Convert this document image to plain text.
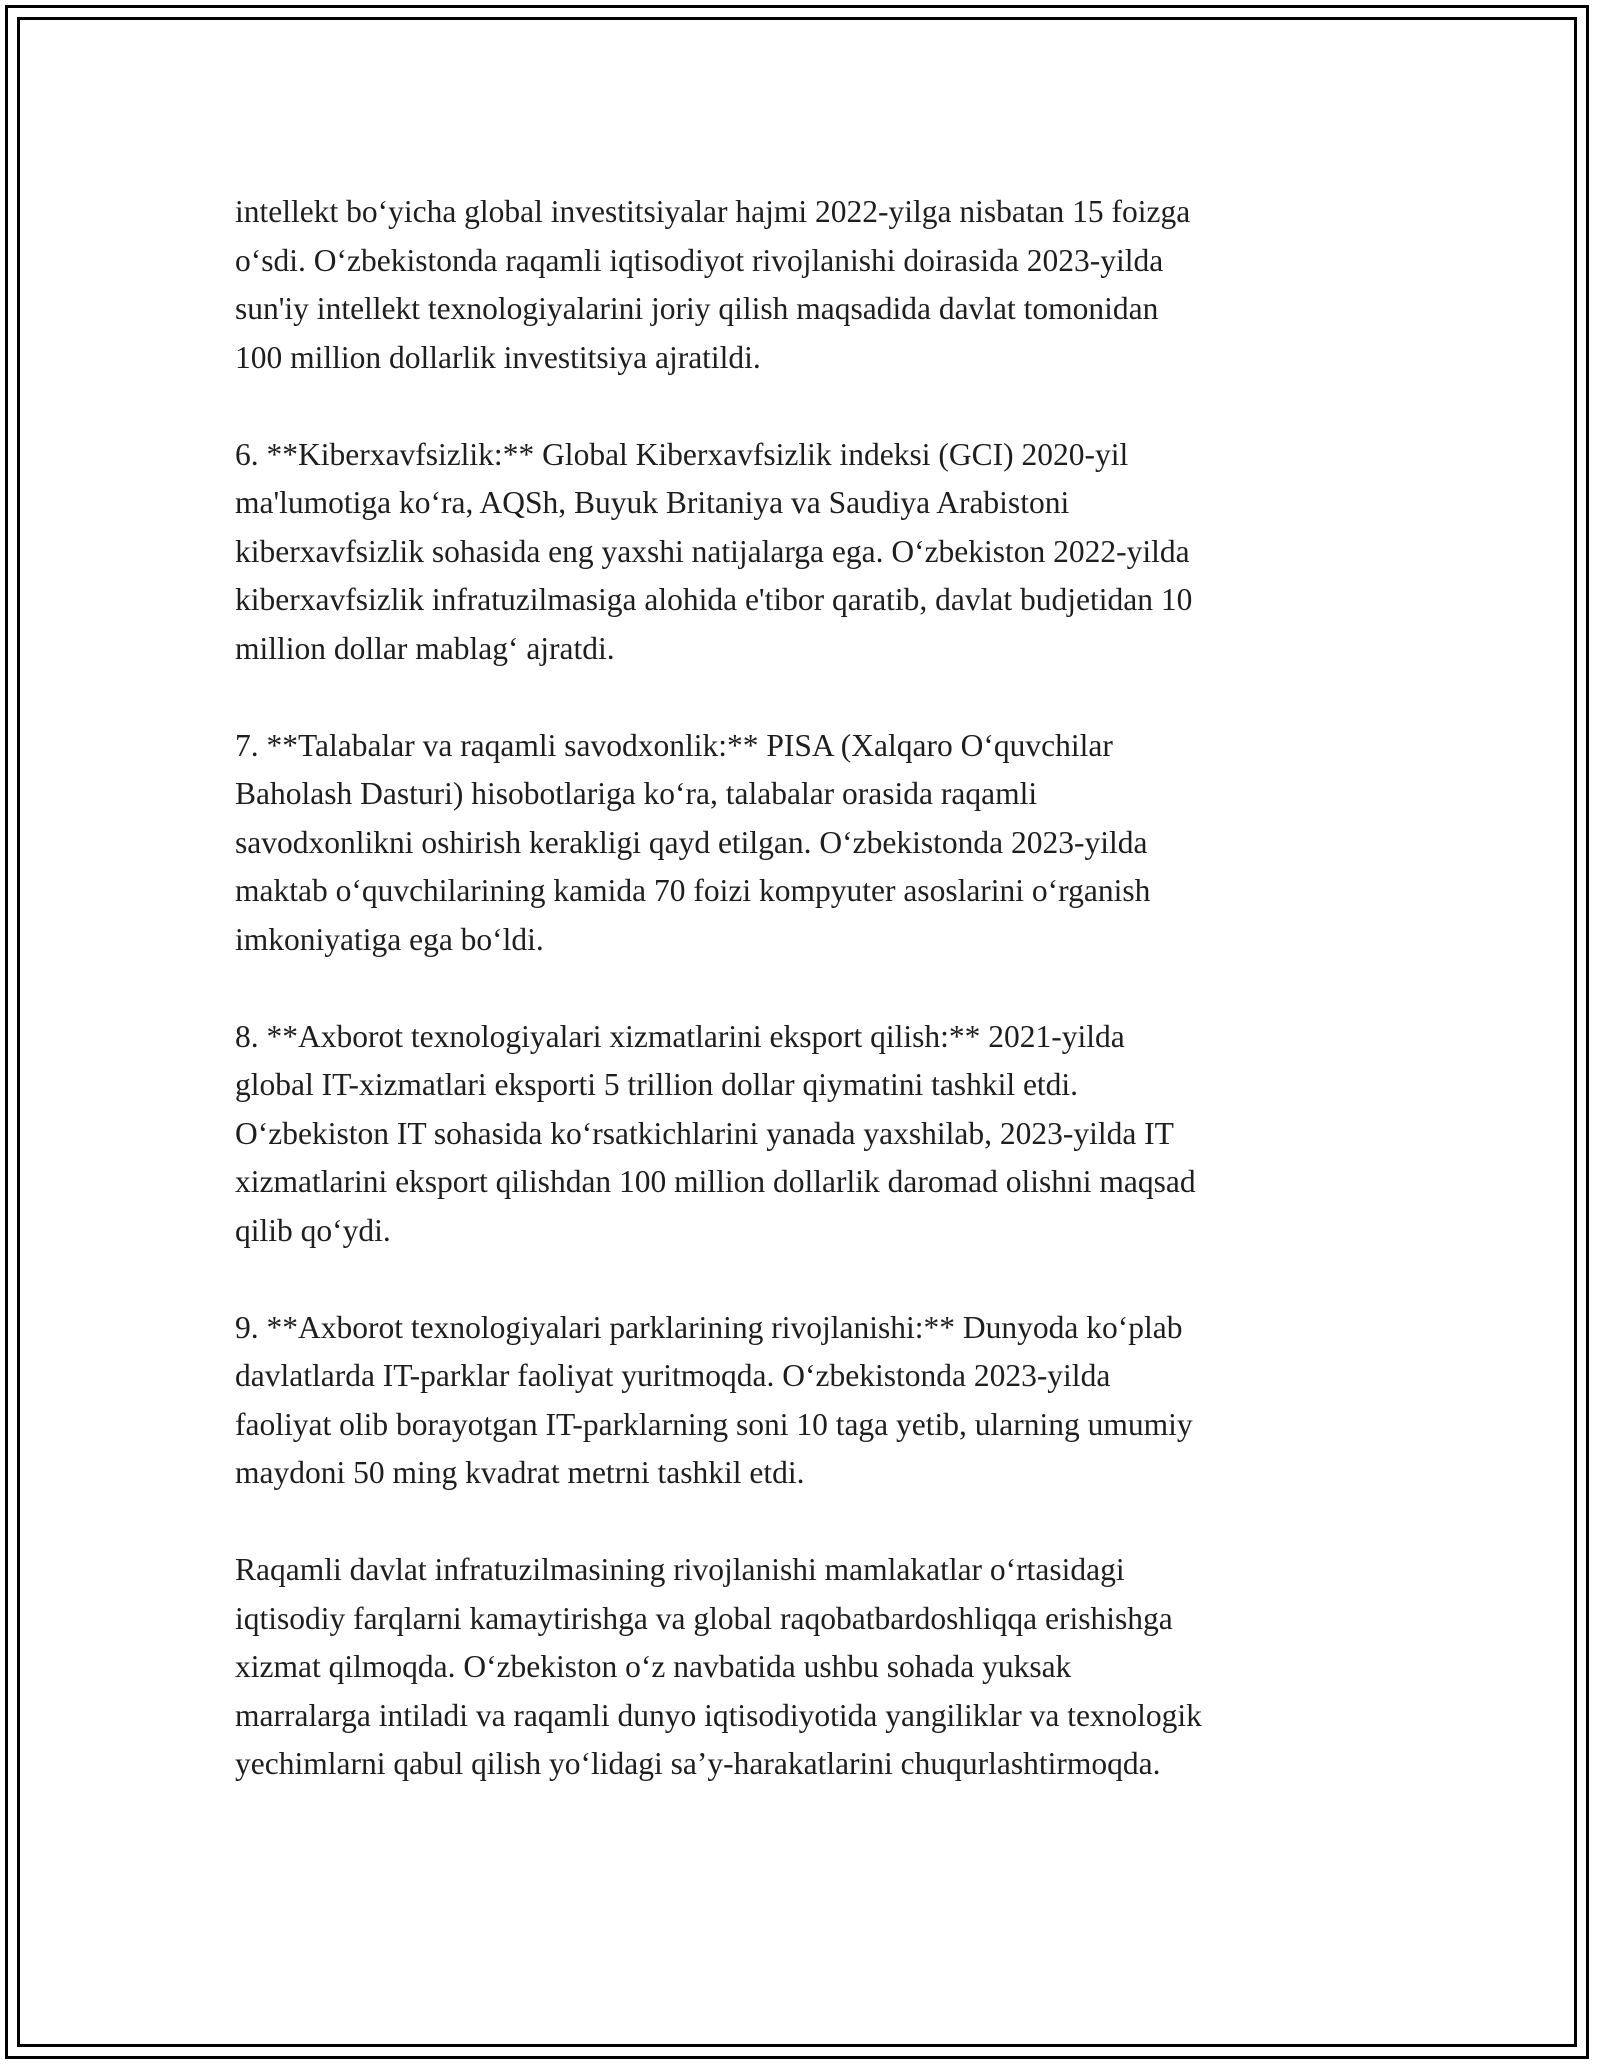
intellekt bo‘yicha global investitsiyalar hajmi 2022-yilga nisbatan 15 foizga
o‘sdi. O‘zbekistonda raqamli iqtisodiyot rivojlanishi doirasida 2023-yilda
sun'iy intellekt texnologiyalarini joriy qilish maqsadida davlat tomonidan
100 million dollarlik investitsiya ajratildi.

6. **Kiberxavfsizlik:** Global Kiberxavfsizlik indeksi (GCI) 2020-yil
ma'lumotiga ko‘ra, AQSh, Buyuk Britaniya va Saudiya Arabistoni
kiberxavfsizlik sohasida eng yaxshi natijalarga ega. O‘zbekiston 2022-yilda
kiberxavfsizlik infratuzilmasiga alohida e'tibor qaratib, davlat budjetidan 10
million dollar mablag‘ ajratdi.

7. **Talabalar va raqamli savodxonlik:** PISA (Xalqaro O‘quvchilar
Baholash Dasturi) hisobotlariga ko‘ra, talabalar orasida raqamli
savodxonlikni oshirish kerakligi qayd etilgan. O‘zbekistonda 2023-yilda
maktab o‘quvchilarining kamida 70 foizi kompyuter asoslarini o‘rganish
imkoniyatiga ega bo‘ldi.

8. **Axborot texnologiyalari xizmatlarini eksport qilish:** 2021-yilda
global IT-xizmatlari eksporti 5 trillion dollar qiymatini tashkil etdi.
O‘zbekiston IT sohasida ko‘rsatkichlarini yanada yaxshilab, 2023-yilda IT
xizmatlarini eksport qilishdan 100 million dollarlik daromad olishni maqsad
qilib qo‘ydi.

9. **Axborot texnologiyalari parklarining rivojlanishi:** Dunyoda ko‘plab
davlatlarda IT-parklar faoliyat yuritmoqda. O‘zbekistonda 2023-yilda
faoliyat olib borayotgan IT-parklarning soni 10 taga yetib, ularning umumiy
maydoni 50 ming kvadrat metrni tashkil etdi.

Raqamli davlat infratuzilmasining rivojlanishi mamlakatlar o‘rtasidagi
iqtisodiy farqlarni kamaytirishga va global raqobatbardoshliqqa erishishga
xizmat qilmoqda. O‘zbekiston o‘z navbatida ushbu sohada yuksak
marralarga intiladi va raqamli dunyo iqtisodiyotida yangiliklar va texnologik
yechimlarni qabul qilish yo‘lidagi sa’y-harakatlarini chuqurlashtirmoqda.
